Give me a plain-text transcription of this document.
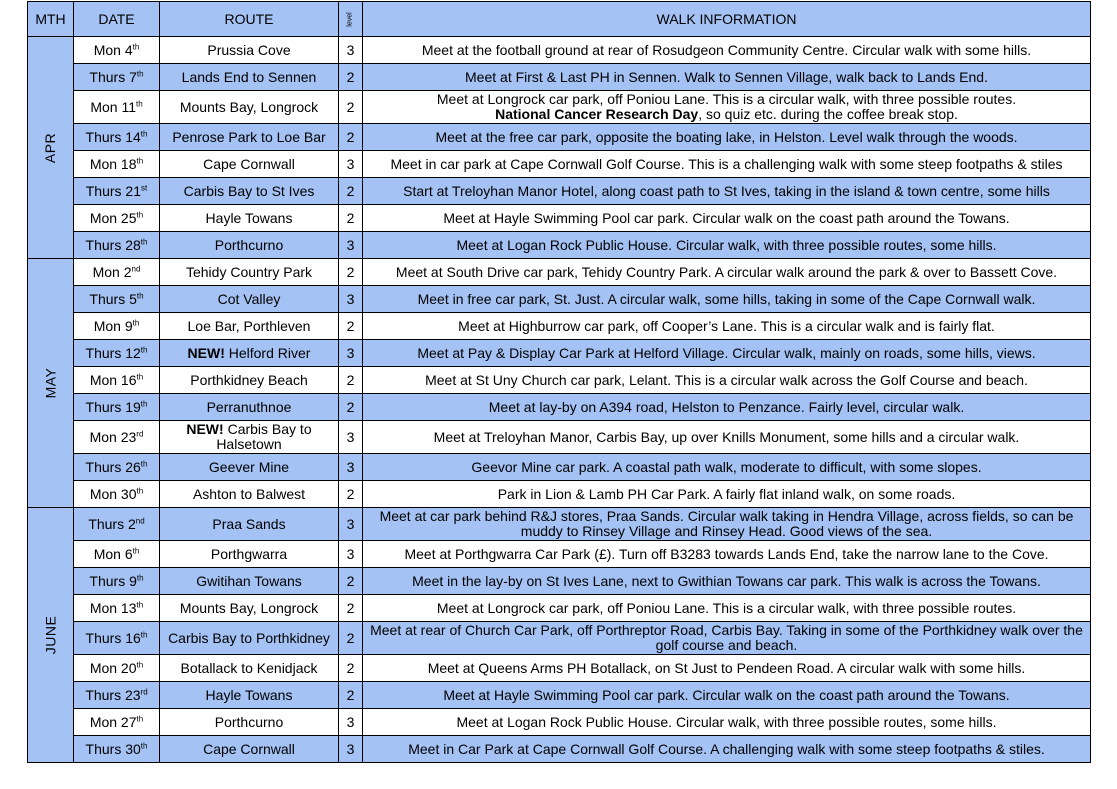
MTH	DATE	ROUTE	level	WALK INFORMATION
APR	Mon 4th	Prussia Cove	3	Meet at the football ground at rear of Rosudgeon Community Centre. Circular walk with some hills.
	Thurs 7th	Lands End to Sennen	2	Meet at First & Last PH in Sennen. Walk to Sennen Village, walk back to Lands End.
	Mon 11th	Mounts Bay, Longrock	2	Meet at Longrock car park, off Poniou Lane. This is a circular walk, with three possible routes.
National Cancer Research Day, so quiz etc. during the coffee break stop.
	Thurs 14th	Penrose Park to Loe Bar	2	Meet at the free car park, opposite the boating lake, in Helston. Level walk through the woods.
	Mon 18th	Cape Cornwall	3	Meet in car park at Cape Cornwall Golf Course. This is a challenging walk with some steep footpaths & stiles
	Thurs 21st	Carbis Bay to St Ives	2	Start at Treloyhan Manor Hotel, along coast path to St Ives, taking in the island & town centre, some hills
	Mon 25th	Hayle Towans	2	Meet at Hayle Swimming Pool car park. Circular walk on the coast path around the Towans.
	Thurs 28th	Porthcurno	3	Meet at Logan Rock Public House. Circular walk, with three possible routes, some hills.
MAY	Mon 2nd	Tehidy Country Park	2	Meet at South Drive car park, Tehidy Country Park. A circular walk around the park & over to Bassett Cove.
	Thurs 5th	Cot Valley	3	Meet in free car park, St. Just. A circular walk, some hills, taking in some of the Cape Cornwall walk.
	Mon 9th	Loe Bar, Porthleven	2	Meet at Highburrow car park, off Cooper’s Lane. This is a circular walk and is fairly flat.
	Thurs 12th	NEW! Helford River	3	Meet at Pay & Display Car Park at Helford Village. Circular walk, mainly on roads, some hills, views.
	Mon 16th	Porthkidney Beach	2	Meet at St Uny Church car park, Lelant. This is a circular walk across the Golf Course and beach.
	Thurs 19th	Perranuthnoe	2	Meet at lay-by on A394 road, Helston to Penzance. Fairly level, circular walk.
	Mon 23rd	NEW! Carbis Bay to Halsetown	3	Meet at Treloyhan Manor, Carbis Bay, up over Knills Monument, some hills and a circular walk.
	Thurs 26th	Geever Mine	3	Geevor Mine car park. A coastal path walk, moderate to difficult, with some slopes.
	Mon 30th	Ashton to Balwest	2	Park in Lion & Lamb PH Car Park. A fairly flat inland walk, on some roads.
JUNE	Thurs 2nd	Praa Sands	3	Meet at car park behind R&J stores, Praa Sands. Circular walk taking in Hendra Village, across fields, so can be muddy to Rinsey Village and Rinsey Head. Good views of the sea.
	Mon 6th	Porthgwarra	3	Meet at Porthgwarra Car Park (£). Turn off B3283 towards Lands End, take the narrow lane to the Cove.
	Thurs 9th	Gwitihan Towans	2	Meet in the lay-by on St Ives Lane, next to Gwithian Towans car park. This walk is across the Towans.
	Mon 13th	Mounts Bay, Longrock	2	Meet at Longrock car park, off Poniou Lane. This is a circular walk, with three possible routes.
	Thurs 16th	Carbis Bay to Porthkidney	2	Meet at rear of Church Car Park, off Porthreptor Road, Carbis Bay. Taking in some of the Porthkidney walk over the golf course and beach.
	Mon 20th	Botallack to Kenidjack	2	Meet at Queens Arms PH Botallack, on St Just to Pendeen Road. A circular walk with some hills.
	Thurs 23rd	Hayle Towans	2	Meet at Hayle Swimming Pool car park. Circular walk on the coast path around the Towans.
	Mon 27th	Porthcurno	3	Meet at Logan Rock Public House. Circular walk, with three possible routes, some hills.
	Thurs 30th	Cape Cornwall	3	Meet in Car Park at Cape Cornwall Golf Course. A challenging walk with some steep footpaths & stiles.
